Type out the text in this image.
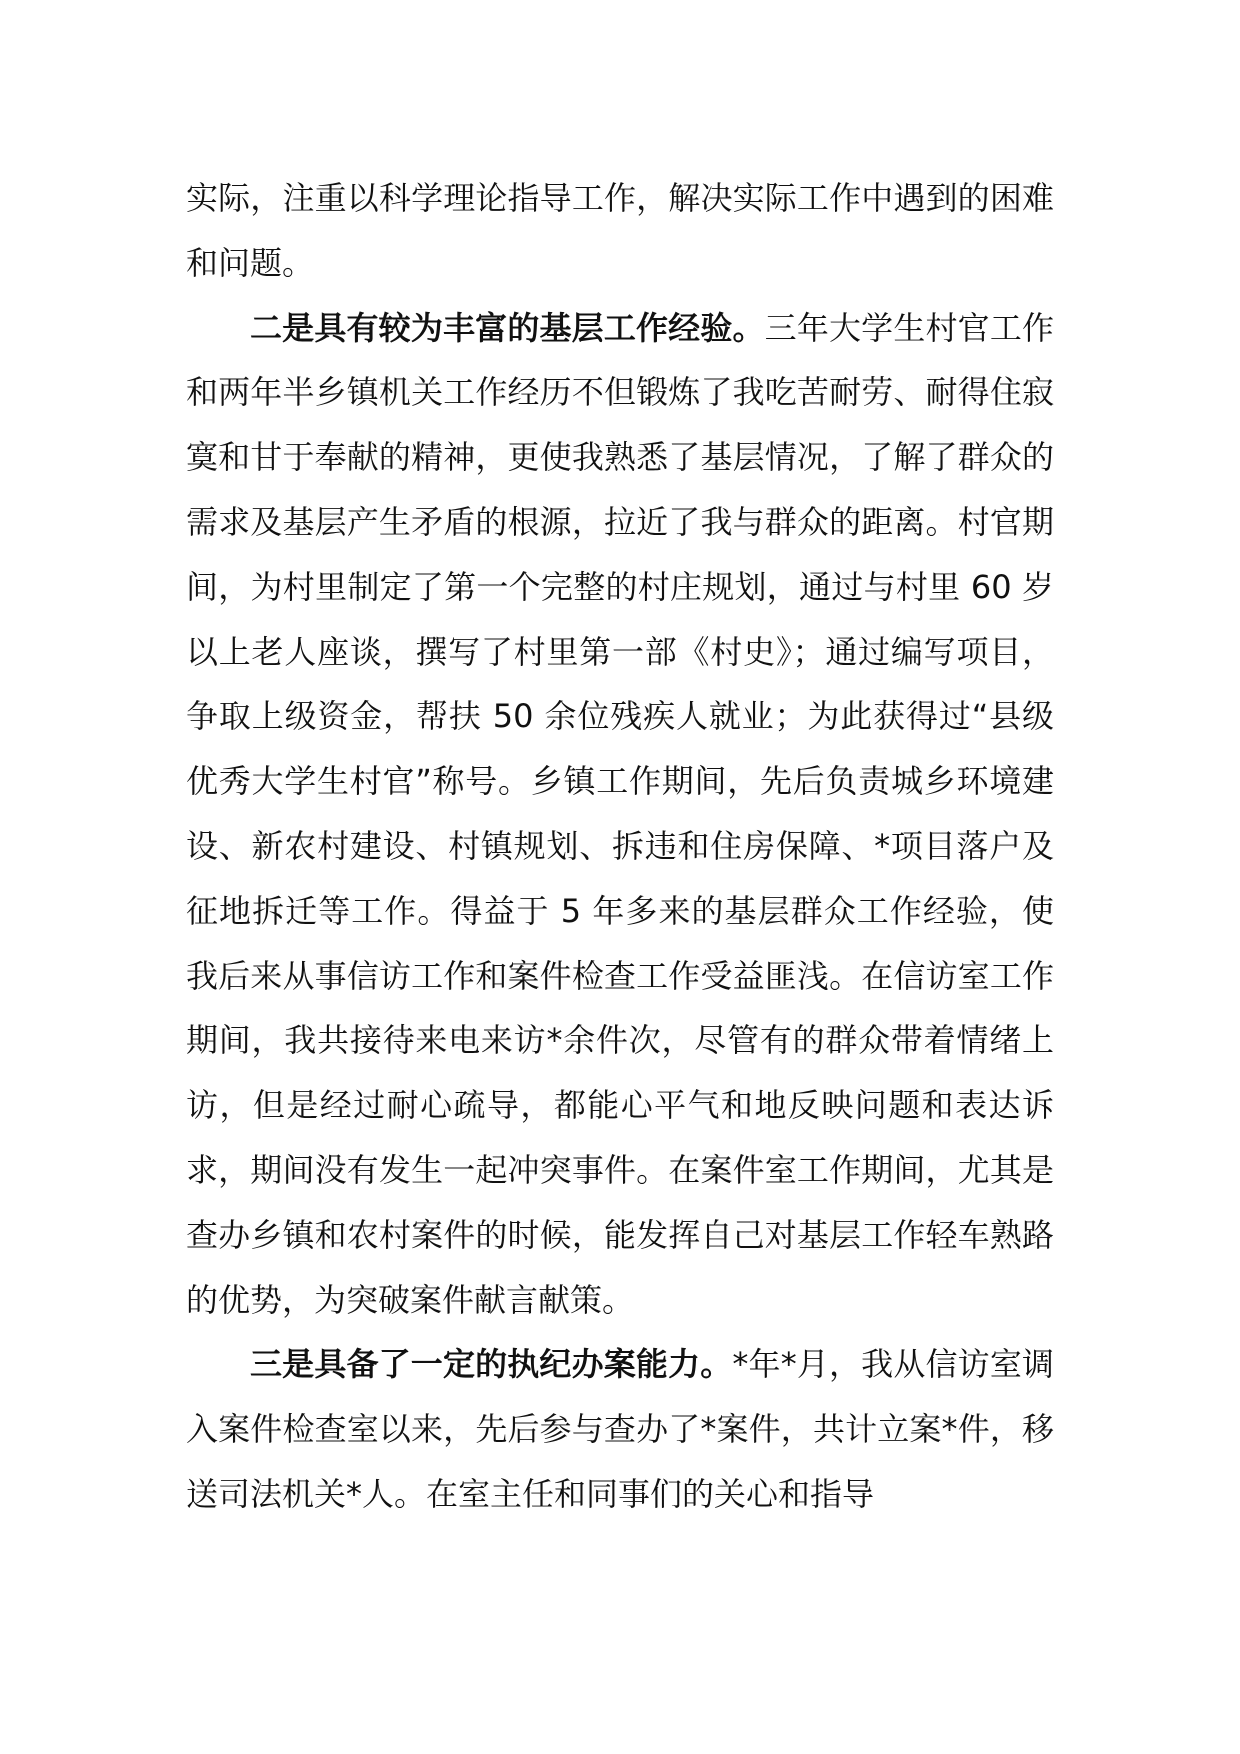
实际，注重以科学理论指导工作，解决实际工作中遇到的困难和问题。

二是具有较为丰富的基层工作经验。三年大学生村官工作和两年半乡镇机关工作经历不但锻炼了我吃苦耐劳、耐得住寂寞和甘于奉献的精神，更使我熟悉了基层情况，了解了群众的需求及基层产生矛盾的根源，拉近了我与群众的距离。村官期间，为村里制定了第一个完整的村庄规划，通过与村里 60 岁以上老人座谈，撰写了村里第一部《村史》；通过编写项目，争取上级资金，帮扶 50 余位残疾人就业；为此获得过“县级优秀大学生村官”称号。乡镇工作期间，先后负责城乡环境建设、新农村建设、村镇规划、拆违和住房保障、*项目落户及征地拆迁等工作。得益于 5 年多来的基层群众工作经验，使我后来从事信访工作和案件检查工作受益匪浅。在信访室工作期间，我共接待来电来访*余件次，尽管有的群众带着情绪上访，但是经过耐心疏导，都能心平气和地反映问题和表达诉求，期间没有发生一起冲突事件。在案件室工作期间，尤其是查办乡镇和农村案件的时候，能发挥自己对基层工作轻车熟路的优势，为突破案件献言献策。

三是具备了一定的执纪办案能力。*年*月，我从信访室调入案件检查室以来，先后参与查办了*案件，共计立案*件，移送司法机关*人。在室主任和同事们的关心和指导
